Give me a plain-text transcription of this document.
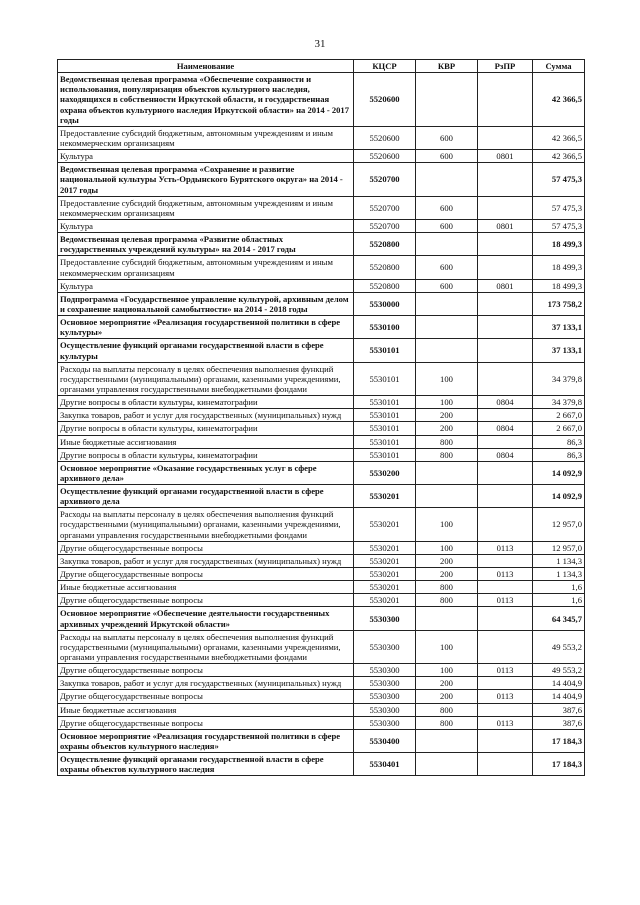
31
Наименование	КЦСР	КВР	РзПР	Сумма
Ведомственная целевая программа «Обеспечение сохранности и использования, популяризация объектов культурного наследия, находящихся в собственности Иркутской области, и государственная охрана объектов культурного наследия Иркутской области» на 2014 - 2017 годы	5520600			42 366,5
Предоставление субсидий бюджетным, автономным учреждениям и иным некоммерческим организациям	5520600	600		42 366,5
Культура	5520600	600	0801	42 366,5
Ведомственная целевая программа «Сохранение и развитие национальной культуры Усть-Ордынского Бурятского округа» на 2014 - 2017 годы	5520700			57 475,3
Предоставление субсидий бюджетным, автономным учреждениям и иным некоммерческим организациям	5520700	600		57 475,3
Культура	5520700	600	0801	57 475,3
Ведомственная целевая программа «Развитие областных государственных учреждений культуры» на 2014 - 2017 годы	5520800			18 499,3
Предоставление субсидий бюджетным, автономным учреждениям и иным некоммерческим организациям	5520800	600		18 499,3
Культура	5520800	600	0801	18 499,3
Подпрограмма «Государственное управление культурой, архивным делом и сохранение национальной самобытности» на 2014 - 2018 годы	5530000			173 758,2
Основное мероприятие «Реализация государственной политики в сфере культуры»	5530100			37 133,1
Осуществление функций органами государственной власти в сфере культуры	5530101			37 133,1
Расходы на выплаты персоналу в целях обеспечения выполнения функций государственными (муниципальными) органами, казенными учреждениями, органами управления государственными внебюджетными фондами	5530101	100		34 379,8
Другие вопросы в области культуры, кинематографии	5530101	100	0804	34 379,8
Закупка товаров, работ и услуг для государственных (муниципальных) нужд	5530101	200		2 667,0
Другие вопросы в области культуры, кинематографии	5530101	200	0804	2 667,0
Иные бюджетные ассигнования	5530101	800		86,3
Другие вопросы в области культуры, кинематографии	5530101	800	0804	86,3
Основное мероприятие «Оказание государственных услуг в сфере архивного дела»	5530200			14 092,9
Осуществление функций органами государственной власти в сфере архивного дела	5530201			14 092,9
Расходы на выплаты персоналу в целях обеспечения выполнения функций государственными (муниципальными) органами, казенными учреждениями, органами управления государственными внебюджетными фондами	5530201	100		12 957,0
Другие общегосударственные вопросы	5530201	100	0113	12 957,0
Закупка товаров, работ и услуг для государственных (муниципальных) нужд	5530201	200		1 134,3
Другие общегосударственные вопросы	5530201	200	0113	1 134,3
Иные бюджетные ассигнования	5530201	800		1,6
Другие общегосударственные вопросы	5530201	800	0113	1,6
Основное мероприятие «Обеспечение деятельности государственных архивных учреждений Иркутской области»	5530300			64 345,7
Расходы на выплаты персоналу в целях обеспечения выполнения функций государственными (муниципальными) органами, казенными учреждениями, органами управления государственными внебюджетными фондами	5530300	100		49 553,2
Другие общегосударственные вопросы	5530300	100	0113	49 553,2
Закупка товаров, работ и услуг для государственных (муниципальных) нужд	5530300	200		14 404,9
Другие общегосударственные вопросы	5530300	200	0113	14 404,9
Иные бюджетные ассигнования	5530300	800		387,6
Другие общегосударственные вопросы	5530300	800	0113	387,6
Основное мероприятие «Реализация государственной политики в сфере охраны объектов культурного наследия»	5530400			17 184,3
Осуществление функций органами государственной власти в сфере охраны объектов культурного наследия	5530401			17 184,3
